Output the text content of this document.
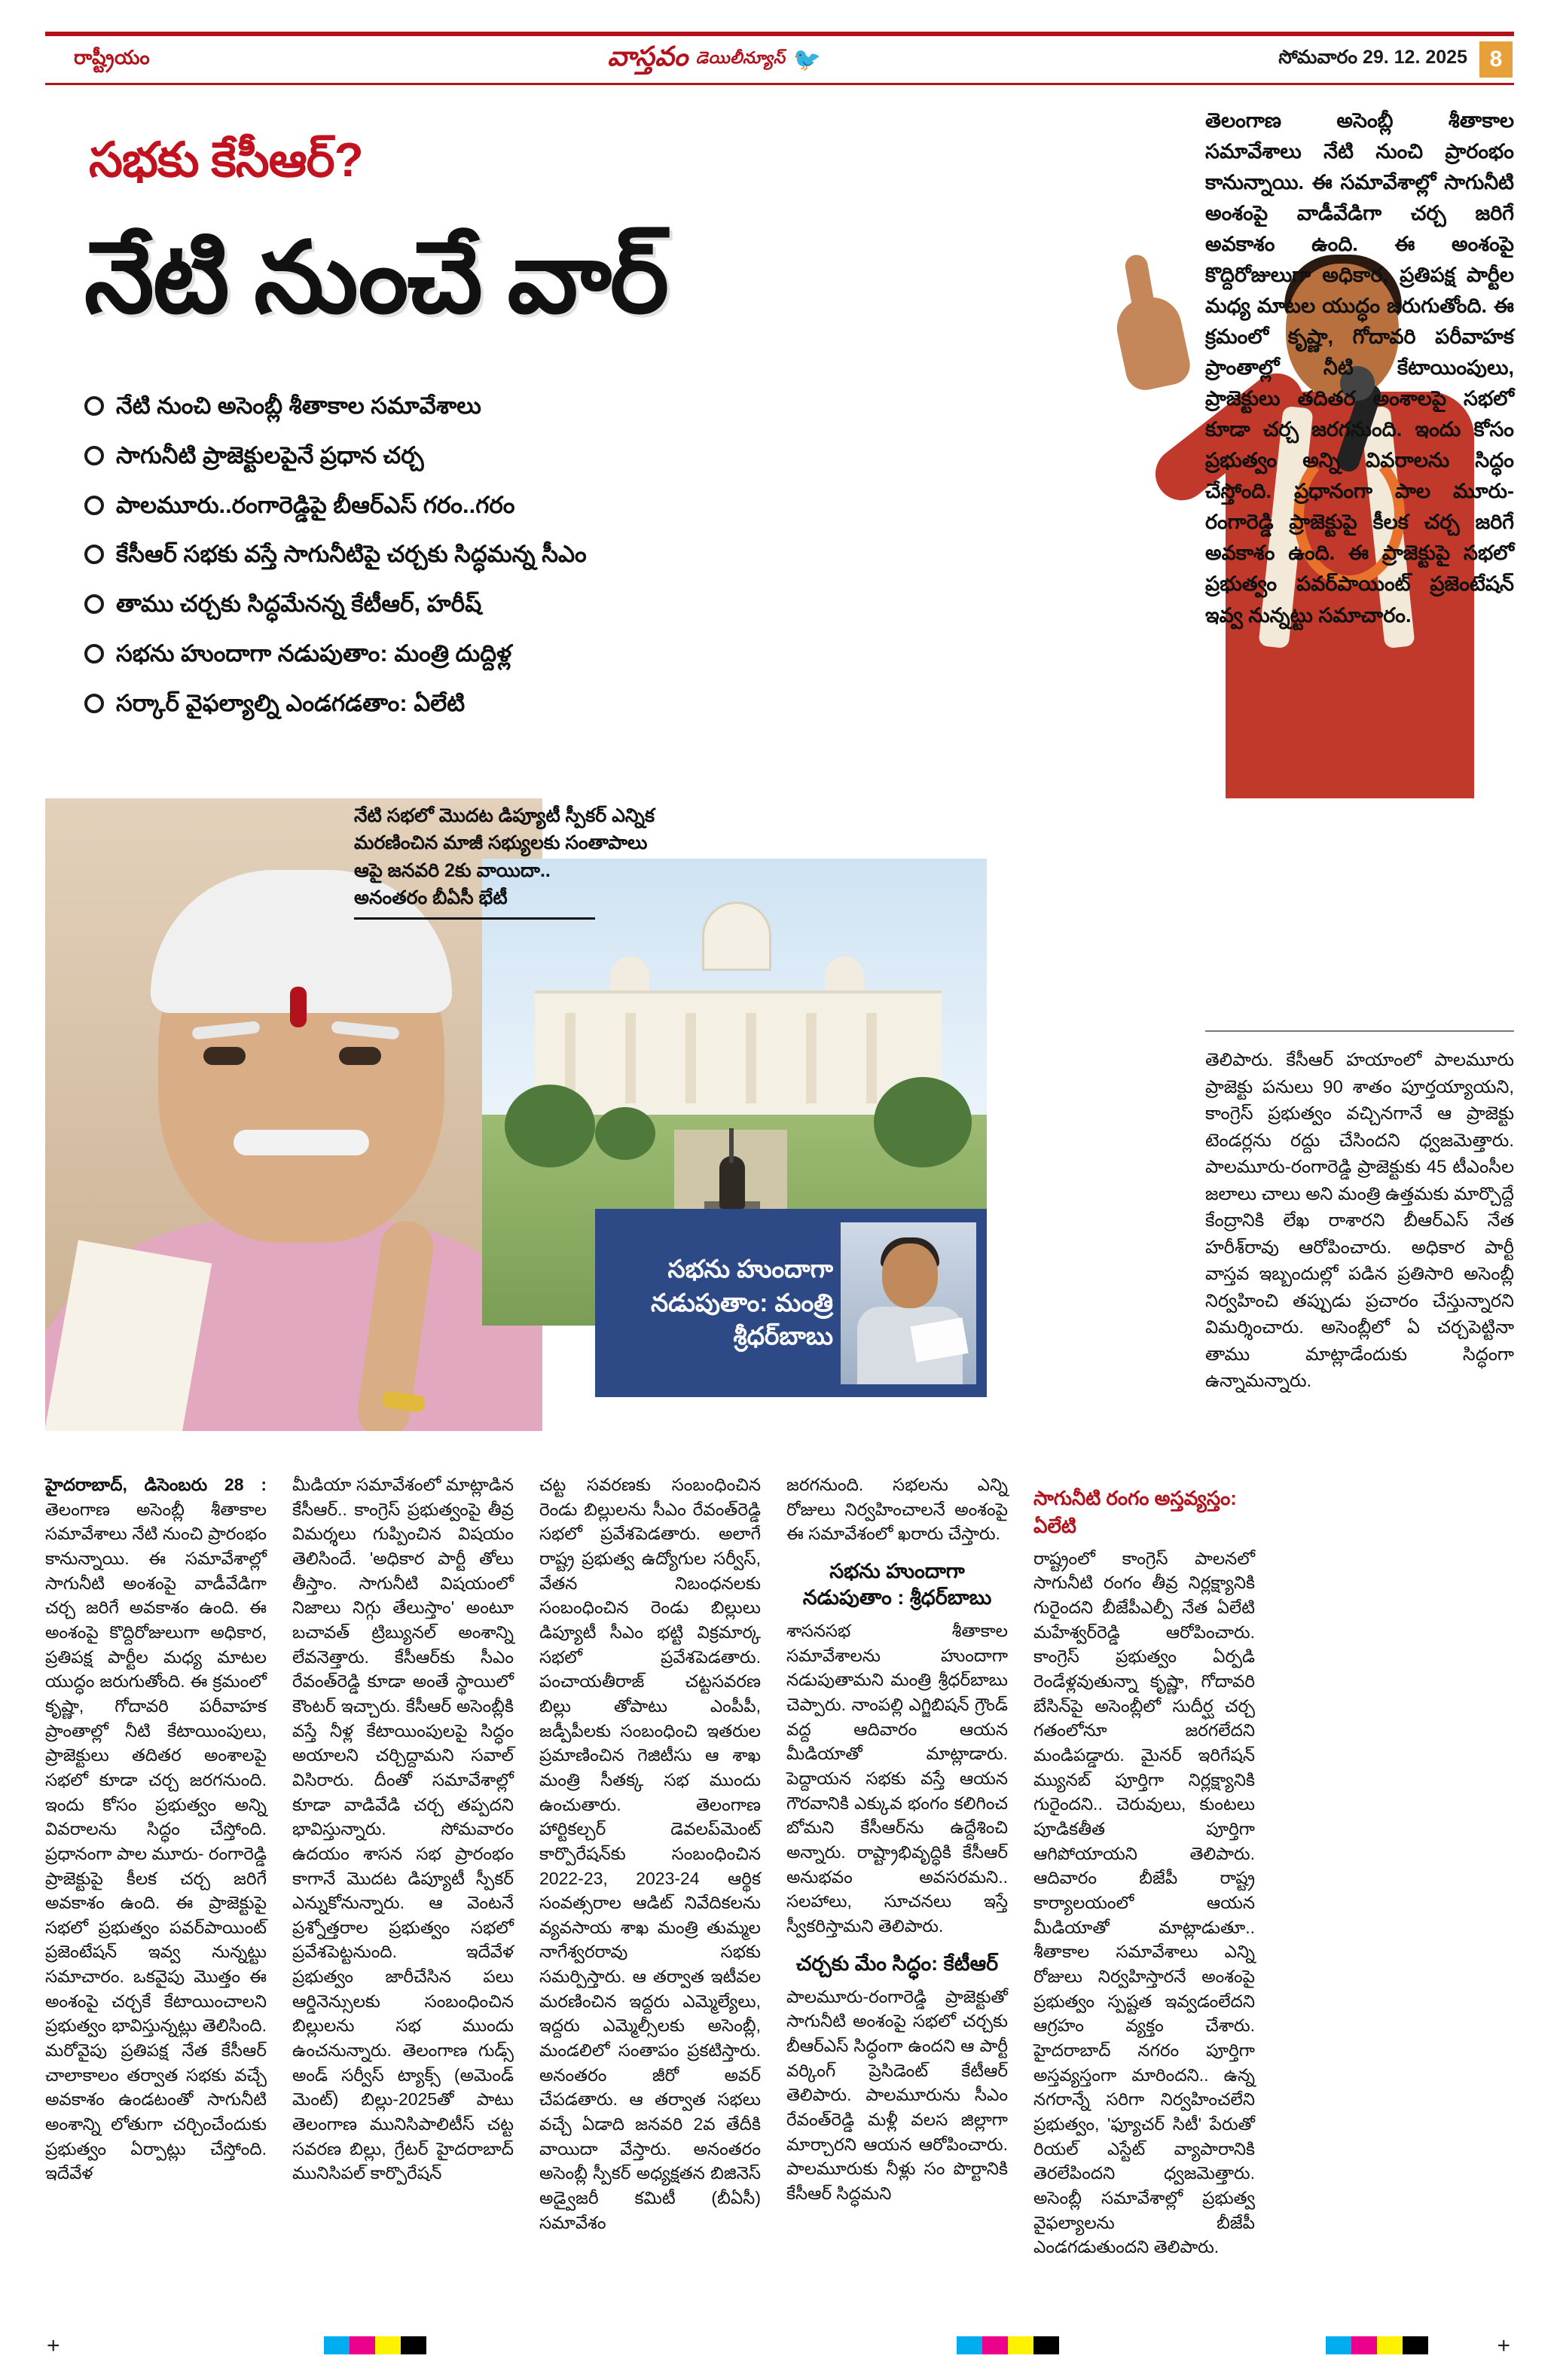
రాష్ట్రీయం	వాస్తవం డెయిలీన్యూస్ 🐦	సోమవారం 29. 12. 2025 8
సభకు కేసీఆర్?
నేటి నుంచే వార్
నేటి నుంచి అసెంబ్లీ శీతాకాల సమావేశాలు
సాగునీటి ప్రాజెక్టులపైనే ప్రధాన చర్చ
పాలమూరు..రంగారెడ్డిపై బీఆర్ఎస్ గరం..గరం
కేసీఆర్ సభకు వస్తే సాగునీటిపై చర్చకు సిద్ధమన్న సీఎం
తాము చర్చకు సిద్ధమేనన్న కేటీఆర్, హరీష్
సభను హుందాగా నడుపుతాం: మంత్రి దుద్దిళ్ల
సర్కార్ వైఫల్యాల్ని ఎండగడతాం: ఏలేటి
నేటి సభలో మొదట డిప్యూటీ స్పీకర్ ఎన్నిక
మరణించిన మాజీ సభ్యులకు సంతాపాలు
ఆపై జనవరి 2కు వాయిదా..
అనంతరం బీఏసీ భేటీ
సభను హుందాగా నడుపుతాం: మంత్రి శ్రీధర్‌బాబు
తెలంగాణ అసెంబ్లీ శీతాకాల సమావేశాలు నేటి నుంచి ప్రారంభం కానున్నాయి. ఈ సమావేశాల్లో సాగునీటి అంశంపై వాడీవేడిగా చర్చ జరిగే అవకాశం ఉంది. ఈ అంశంపై కొద్దిరోజులుగా అధికార, ప్రతిపక్ష పార్టీల మధ్య మాటల యుద్ధం జరుగుతోంది. ఈ క్రమంలో కృష్ణా, గోదావరి పరీవాహక ప్రాంతాల్లో నీటి కేటాయింపులు, ప్రాజెక్టులు తదితర అంశాలపై సభలో కూడా చర్చ జరగనుంది. ఇందు కోసం ప్రభుత్వం అన్ని వివరాలను సిద్ధం చేస్తోంది. ప్రధానంగా పాల మూరు-రంగారెడ్డి ప్రాజెక్టుపై కీలక చర్చ జరిగే అవకాశం ఉంది. ఈ ప్రాజెక్టుపై సభలో ప్రభుత్వం పవర్‌పాయింట్ ప్రజెంటేషన్ ఇవ్వ నున్నట్టు సమాచారం.
తెలిపారు. కేసీఆర్ హయాంలో పాలమూరు ప్రాజెక్టు పనులు 90 శాతం పూర్తయ్యాయని, కాంగ్రెస్ ప్రభుత్వం వచ్చినగానే ఆ ప్రాజెక్టు టెండర్లను రద్దు చేసిందని ధ్వజమెత్తారు. పాలమూరు-రంగారెడ్డి ప్రాజెక్టుకు 45 టీఎంసీల జలాలు చాలు అని మంత్రి ఉత్తమకు మార్చొద్దే కేంద్రానికి లేఖ రాశారని బీఆర్ఎస్ నేత హరీశ్‌రావు ఆరోపించారు. అధికార పార్టీ వాస్తవ ఇబ్బందుల్లో పడిన ప్రతిసారి అసెంబ్లీ నిర్వహించి తప్పుడు ప్రచారం చేస్తున్నారని విమర్శించారు. అసెంబ్లీలో ఏ చర్చపెట్టినా తాము మాట్లాడేందుకు సిద్ధంగా ఉన్నామన్నారు.

హైదరాబాద్, డిసెంబరు 28 : తెలంగాణ అసెంబ్లీ శీతాకాల సమావేశాలు నేటి నుంచి ప్రారంభం కానున్నాయి. ఈ సమావేశాల్లో సాగునీటి అంశంపై వాడీవేడిగా చర్చ జరిగే అవకాశం ఉంది. ఈ అంశంపై కొద్దిరోజులుగా అధికార, ప్రతిపక్ష పార్టీల మధ్య మాటల యుద్ధం జరుగుతోంది. ఈ క్రమంలో కృష్ణా, గోదావరి పరీవాహక ప్రాంతాల్లో నీటి కేటాయింపులు, ప్రాజెక్టులు తదితర అంశాలపై సభలో కూడా చర్చ జరగనుంది. ఇందు కోసం ప్రభుత్వం అన్ని వివరాలను సిద్ధం చేస్తోంది. ప్రధానంగా పాల మూరు- రంగారెడ్డి ప్రాజెక్టుపై కీలక చర్చ జరిగే అవకాశం ఉంది. ఈ ప్రాజెక్టుపై సభలో ప్రభుత్వం పవర్‌పాయింట్ ప్రజెంటేషన్ ఇవ్వ నున్నట్టు సమాచారం. ఒకవైపు మొత్తం ఈ అంశంపై చర్చకే కేటాయించాలని ప్రభుత్వం భావిస్తున్నట్లు తెలిసింది. మరోవైపు ప్రతిపక్ష నేత కేసీఆర్ చాలాకాలం తర్వాత సభకు వచ్చే అవకాశం ఉండటంతో సాగునీటి అంశాన్ని లోతుగా చర్చించేందుకు ప్రభుత్వం ఏర్పాట్లు చేస్తోంది. ఇదేవేళ

మీడియా సమావేశంలో మాట్లాడిన కేసీఆర్.. కాంగ్రెస్ ప్రభుత్వంపై తీవ్ర విమర్శలు గుప్పించిన విషయం తెలిసిందే. 'అధికార పార్టీ తోలు తీస్తాం. సాగునీటి విషయంలో నిజాలు నిగ్గు తేలుస్తాం' అంటూ బచావత్ ట్రిబ్యునల్ అంశాన్ని లేవనెత్తారు. కేసీఆర్‌కు సీఎం రేవంత్‌రెడ్డి కూడా అంతే స్థాయిలో కౌంటర్ ఇచ్చారు. కేసీఆర్ అసెంబ్లీకి వస్తే నీళ్ల కేటాయింపులపై సిద్ధం అయాలని చర్చిద్దామని సవాల్ విసిరారు. దీంతో సమావేశాల్లో కూడా వాడివేడి చర్చ తప్పదని భావిస్తున్నారు. సోమవారం ఉదయం శాసన సభ ప్రారంభం కాగానే మొదట డిప్యూటీ స్పీకర్ ఎన్నుకోనున్నారు. ఆ వెంటనే ప్రశ్నోత్తరాల ప్రభుత్వం సభలో ప్రవేశపెట్టనుంది. ఇదేవేళ ప్రభుత్వం జారీచేసిన పలు ఆర్డినెన్సులకు సంబంధించిన బిల్లులను సభ ముందు ఉంచనున్నారు. తెలంగాణ గుడ్స్ అండ్ సర్వీస్ ట్యాక్స్ (అమెండ్ మెంట్) బిల్లు-2025తో పాటు తెలంగాణ మునిసిపాలిటీస్ చట్ట సవరణ బిల్లు, గ్రేటర్ హైదరాబాద్ మునిసిపల్ కార్పొరేషన్

చట్ట సవరణకు సంబంధించిన రెండు బిల్లులను సీఎం రేవంత్‌రెడ్డి సభలో ప్రవేశపెడతారు. అలాగే రాష్ట్ర ప్రభుత్వ ఉద్యోగుల సర్వీస్, వేతన నిబంధనలకు సంబంధించిన రెండు బిల్లులు డిప్యూటీ సీఎం భట్టి విక్రమార్క సభలో ప్రవేశపెడతారు. పంచాయతీరాజ్ చట్టసవరణ బిల్లు తోపాటు ఎంపీపీ, జడ్పీపీలకు సంబంధించి ఇతరుల ప్రమాణించిన గెజిటీసు ఆ శాఖ మంత్రి సీతక్క సభ ముందు ఉంచుతారు. తెలంగాణ హార్టికల్చర్ డెవలప్‌మెంట్ కార్పొరేషన్‌కు సంబంధించిన 2022-23, 2023-24 ఆర్థిక సంవత్సరాల ఆడిట్ నివేదికలను వ్యవసాయ శాఖ మంత్రి తుమ్మల నాగేశ్వరరావు సభకు సమర్పిస్తారు. ఆ తర్వాత ఇటీవల మరణించిన ఇద్దరు ఎమ్మెల్యేలు, ఇద్దరు ఎమ్మెల్సీలకు అసెంబ్లీ, మండలిలో సంతాపం ప్రకటిస్తారు. అనంతరం జీరో అవర్ చేపడతారు. ఆ తర్వాత సభలు వచ్చే ఏడాది జనవరి 2వ తేదీకి వాయిదా వేస్తారు. అనంతరం అసెంబ్లీ స్పీకర్ అధ్యక్షతన బిజినెస్ అడ్వైజరీ కమిటీ (బీఏసీ) సమావేశం

జరగనుంది. సభలను ఎన్ని రోజులు నిర్వహించాలనే అంశంపై ఈ సమావేశంలో ఖరారు చేస్తారు.

సభను హుందాగా నడుపుతాం : శ్రీధర్‌బాబు

శాసనసభ శీతాకాల సమావేశాలను హుందాగా నడుపుతామని మంత్రి శ్రీధర్‌బాబు చెప్పారు. నాంపల్లి ఎగ్జిబిషన్ గ్రౌండ్ వద్ద ఆదివారం ఆయన మీడియాతో మాట్లాడారు. పెద్దాయన సభకు వస్తే ఆయన గౌరవానికి ఎక్కువ భంగం కలిగించ బోమని కేసీఆర్‌ను ఉద్దేశించి అన్నారు. రాష్ట్రాభివృద్ధికి కేసీఆర్ అనుభవం అవసరమని.. సలహాలు, సూచనలు ఇస్తే స్వీకరిస్తామని తెలిపారు.

చర్చకు మేం సిద్ధం: కేటీఆర్

పాలమూరు-రంగారెడ్డి ప్రాజెక్టుతో సాగునీటి అంశంపై సభలో చర్చకు బీఆర్ఎస్ సిద్ధంగా ఉందని ఆ పార్టీ వర్కింగ్ ప్రెసిడెంట్ కేటీఆర్ తెలిపారు. పాలమూరును సీఎం రేవంత్‌రెడ్డి మళ్లీ వలస జిల్లాగా మార్చారని ఆయన ఆరోపించారు. పాలమూరుకు నీళ్లు సం పొర్టానికి కేసీఆర్ సిద్ధమని

సాగునీటి రంగం అస్తవ్యస్తం: ఏలేటి

రాష్ట్రంలో కాంగ్రెస్ పాలనలో సాగునీటి రంగం తీవ్ర నిర్లక్ష్యానికి గురైందని బీజేపీఎల్పీ నేత ఏలేటి మహేశ్వర్‌రెడ్డి ఆరోపించారు. కాంగ్రెస్ ప్రభుత్వం ఏర్పడి రెండేళ్లవుతున్నా కృష్ణా, గోదావరి బేసిన్‌పై అసెంబ్లీలో సుదీర్ఘ చర్చ గతంలోనూ జరగలేదని మండిపడ్డారు. మైనర్ ఇరిగేషన్ మ్యునబ్ పూర్తిగా నిర్లక్ష్యానికి గురైందని.. చెరువులు, కుంటలు పూడికతీత పూర్తిగా ఆగిపోయాయని తెలిపారు. ఆదివారం బీజేపీ రాష్ట్ర కార్యాలయంలో ఆయన మీడియాతో మాట్లాడుతూ.. శీతాకాల సమావేశాలు ఎన్ని రోజులు నిర్వహిస్తారనే అంశంపై ప్రభుత్వం స్పష్టత ఇవ్వడంలేదని ఆగ్రహం వ్యక్తం చేశారు. హైదరాబాద్ నగరం పూర్తిగా అస్తవ్యస్తంగా మారిందని.. ఉన్న నగరాన్నే సరిగా నిర్వహించలేని ప్రభుత్వం, 'ఫ్యూచర్ సిటీ' పేరుతో రియల్ ఎస్టేట్ వ్యాపారానికి తెరలేపిందని ధ్వజమెత్తారు. అసెంబ్లీ సమావేశాల్లో ప్రభుత్వ వైఫల్యాలను బీజేపీ ఎండగడుతుందని తెలిపారు.

+	+
